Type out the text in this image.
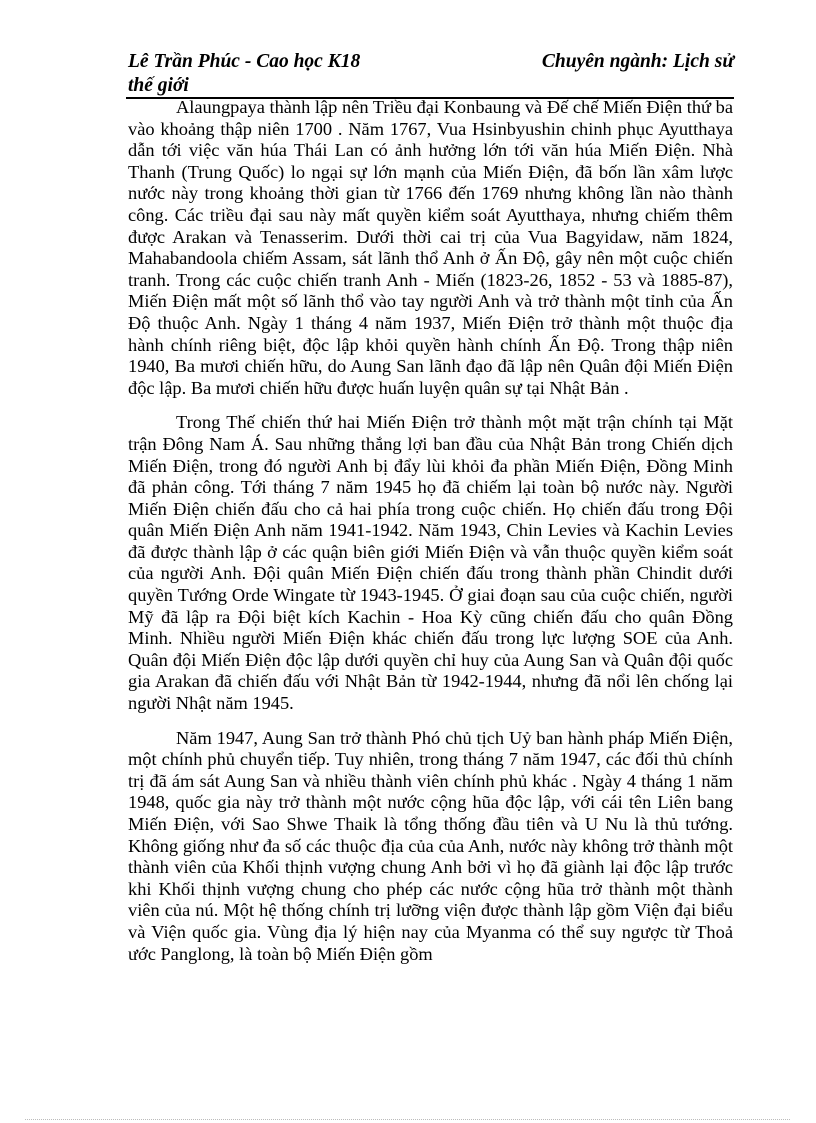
Lê Trần Phúc - Cao học K18	Chuyên ngành: Lịch sử
thế giới

Alaungpaya thành lập nên Triều đại Konbaung và Đế chế Miến Điện thứ ba vào khoảng thập niên 1700 . Năm 1767, Vua Hsinbyushin chinh phục Ayutthaya dẫn tới việc văn húa Thái Lan có ảnh hưởng lớn tới văn húa Miến Điện. Nhà Thanh (Trung Quốc) lo ngại sự lớn mạnh của Miến Điện, đã bốn lần xâm lược nước này trong khoảng thời gian từ 1766 đến 1769 nhưng không lần nào thành công. Các triều đại sau này mất quyền kiểm soát Ayutthaya, nhưng chiếm thêm được Arakan và Tenasserim. Dưới thời cai trị của Vua Bagyidaw, năm 1824, Mahabandoola chiếm Assam, sát lãnh thổ Anh ở Ấn Độ, gây nên một cuộc chiến tranh. Trong các cuộc chiến tranh Anh - Miến (1823-26, 1852 - 53 và 1885-87), Miến Điện mất một số lãnh thổ vào tay người Anh và trở thành một tỉnh của Ấn Độ thuộc Anh. Ngày 1 tháng 4 năm 1937, Miến Điện trở thành một thuộc địa hành chính riêng biệt, độc lập khỏi quyền hành chính Ấn Độ. Trong thập niên 1940, Ba mươi chiến hữu, do Aung San lãnh đạo đã lập nên Quân đội Miến Điện độc lập. Ba mươi chiến hữu được huấn luyện quân sự tại Nhật Bản .

Trong Thế chiến thứ hai Miến Điện trở thành một mặt trận chính tại Mặt trận Đông Nam Á. Sau những thắng lợi ban đầu của Nhật Bản trong Chiến dịch Miến Điện, trong đó người Anh bị đẩy lùi khỏi đa phần Miến Điện, Đồng Minh đã phản công. Tới tháng 7 năm 1945 họ đã chiếm lại toàn bộ nước này. Người Miến Điện chiến đấu cho cả hai phía trong cuộc chiến. Họ chiến đấu trong Đội quân Miến Điện Anh năm 1941-1942. Năm 1943, Chin Levies và Kachin Levies đã được thành lập ở các quận biên giới Miến Điện và vẫn thuộc quyền kiểm soát của người Anh. Đội quân Miến Điện chiến đấu trong thành phần Chindit dưới quyền Tướng Orde Wingate từ 1943-1945. Ở giai đoạn sau của cuộc chiến, người Mỹ đã lập ra Đội biệt kích Kachin - Hoa Kỳ cũng chiến đấu cho quân Đồng Minh. Nhiều người Miến Điện khác chiến đấu trong lực lượng SOE của Anh. Quân đội Miến Điện độc lập dưới quyền chỉ huy của Aung San và Quân đội quốc gia Arakan đã chiến đấu với Nhật Bản từ 1942-1944, nhưng đã nổi lên chống lại người Nhật năm 1945.

Năm 1947, Aung San trở thành Phó chủ tịch Uỷ ban hành pháp Miến Điện, một chính phủ chuyển tiếp. Tuy nhiên, trong tháng 7 năm 1947, các đối thủ chính trị đã ám sát Aung San và nhiều thành viên chính phủ khác . Ngày 4 tháng 1 năm 1948, quốc gia này trở thành một nước cộng hũa độc lập, với cái tên Liên bang Miến Điện, với Sao Shwe Thaik là tổng thống đầu tiên và U Nu là thủ tướng. Không giống như đa số các thuộc địa của của Anh, nước này không trở thành một thành viên của Khối thịnh vượng chung Anh bởi vì họ đã giành lại độc lập trước khi Khối thịnh vượng chung cho phép các nước cộng hũa trở thành một thành viên của nú. Một hệ thống chính trị lưỡng viện được thành lập gồm Viện đại biểu và Viện quốc gia. Vùng địa lý hiện nay của Myanma có thể suy ngược từ Thoả ước Panglong, là toàn bộ Miến Điện gồm
